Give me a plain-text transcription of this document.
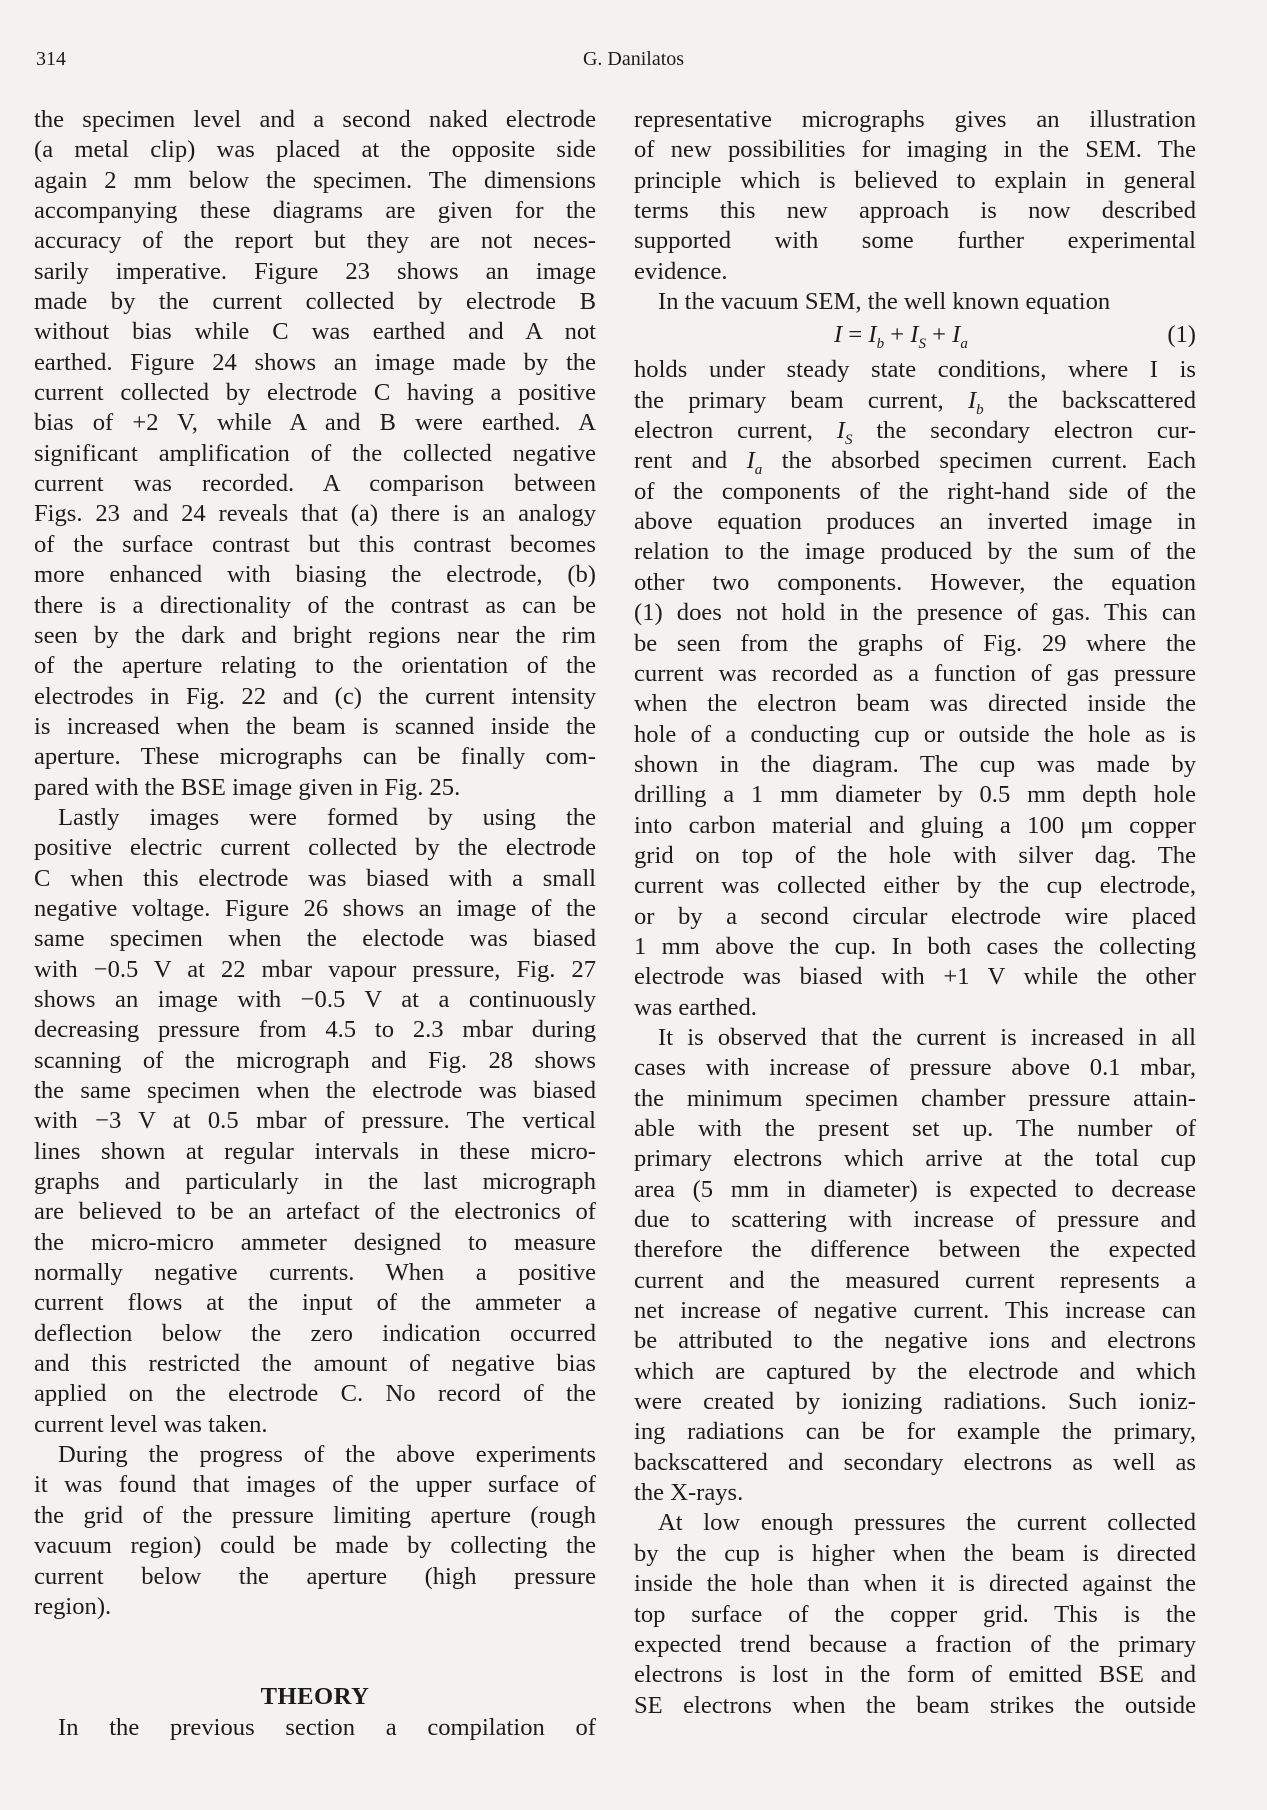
314	G. Danilatos
the specimen level and a second naked electrode
(a metal clip) was placed at the opposite side
again 2 mm below the specimen. The dimensions
accompanying these diagrams are given for the
accuracy of the report but they are not neces-
sarily imperative. Figure 23 shows an image
made by the current collected by electrode B
without bias while C was earthed and A not
earthed. Figure 24 shows an image made by the
current collected by electrode C having a positive
bias of +2 V, while A and B were earthed. A
significant amplification of the collected negative
current was recorded. A comparison between
Figs. 23 and 24 reveals that (a) there is an analogy
of the surface contrast but this contrast becomes
more enhanced with biasing the electrode, (b)
there is a directionality of the contrast as can be
seen by the dark and bright regions near the rim
of the aperture relating to the orientation of the
electrodes in Fig. 22 and (c) the current intensity
is increased when the beam is scanned inside the
aperture. These micrographs can be finally com-
pared with the BSE image given in Fig. 25.
Lastly images were formed by using the
positive electric current collected by the electrode
C when this electrode was biased with a small
negative voltage. Figure 26 shows an image of the
same specimen when the electode was biased
with −0.5 V at 22 mbar vapour pressure, Fig. 27
shows an image with −0.5 V at a continuously
decreasing pressure from 4.5 to 2.3 mbar during
scanning of the micrograph and Fig. 28 shows
the same specimen when the electrode was biased
with −3 V at 0.5 mbar of pressure. The vertical
lines shown at regular intervals in these micro-
graphs and particularly in the last micrograph
are believed to be an artefact of the electronics of
the micro-micro ammeter designed to measure
normally negative currents. When a positive
current flows at the input of the ammeter a
deflection below the zero indication occurred
and this restricted the amount of negative bias
applied on the electrode C. No record of the
current level was taken.
During the progress of the above experiments
it was found that images of the upper surface of
the grid of the pressure limiting aperture (rough
vacuum region) could be made by collecting the
current below the aperture (high pressure
region).
THEORY
In the previous section a compilation of
representative micrographs gives an illustration
of new possibilities for imaging in the SEM. The
principle which is believed to explain in general
terms this new approach is now described
supported with some further experimental
evidence.
In the vacuum SEM, the well known equation
$I = I_b + I_S + I_a$	(1)
holds under steady state conditions, where I is
the primary beam current, $I_b$ the backscattered
electron current, $I_S$ the secondary electron cur-
rent and $I_a$ the absorbed specimen current. Each
of the components of the right-hand side of the
above equation produces an inverted image in
relation to the image produced by the sum of the
other two components. However, the equation
(1) does not hold in the presence of gas. This can
be seen from the graphs of Fig. 29 where the
current was recorded as a function of gas pressure
when the electron beam was directed inside the
hole of a conducting cup or outside the hole as is
shown in the diagram. The cup was made by
drilling a 1 mm diameter by 0.5 mm depth hole
into carbon material and gluing a 100 μm copper
grid on top of the hole with silver dag. The
current was collected either by the cup electrode,
or by a second circular electrode wire placed
1 mm above the cup. In both cases the collecting
electrode was biased with +1 V while the other
was earthed.
It is observed that the current is increased in all
cases with increase of pressure above 0.1 mbar,
the minimum specimen chamber pressure attain-
able with the present set up. The number of
primary electrons which arrive at the total cup
area (5 mm in diameter) is expected to decrease
due to scattering with increase of pressure and
therefore the difference between the expected
current and the measured current represents a
net increase of negative current. This increase can
be attributed to the negative ions and electrons
which are captured by the electrode and which
were created by ionizing radiations. Such ioniz-
ing radiations can be for example the primary,
backscattered and secondary electrons as well as
the X-rays.
At low enough pressures the current collected
by the cup is higher when the beam is directed
inside the hole than when it is directed against the
top surface of the copper grid. This is the
expected trend because a fraction of the primary
electrons is lost in the form of emitted BSE and
SE electrons when the beam strikes the outside
